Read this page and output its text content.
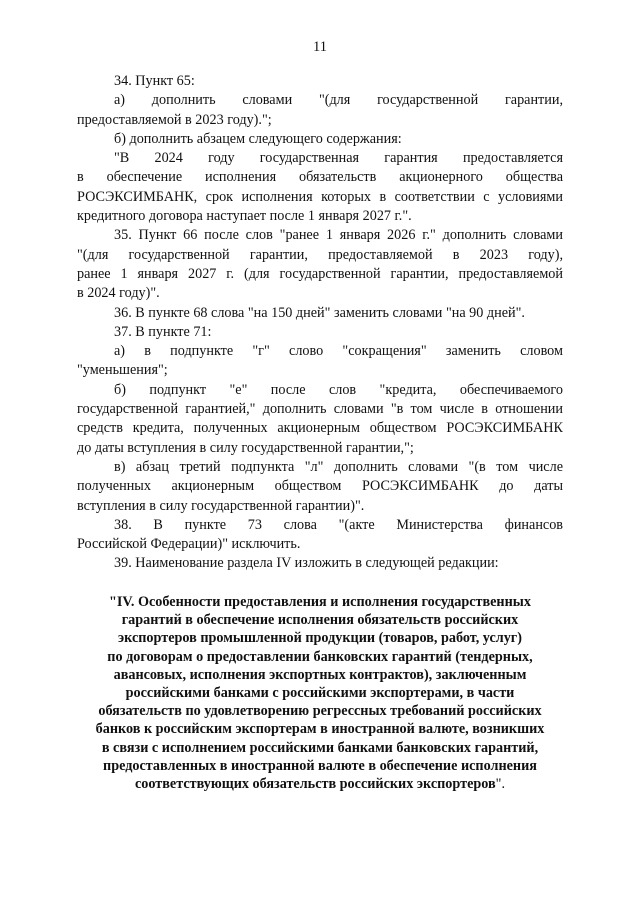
11
34. Пункт 65:
а) дополнить словами "(для государственной гарантии,
предоставляемой в 2023 году).";
б) дополнить абзацем следующего содержания:
"В 2024 году государственная гарантия предоставляется
в обеспечение исполнения обязательств акционерного общества
РОСЭКСИМБАНК, срок исполнения которых в соответствии с условиями
кредитного договора наступает после 1 января 2027 г.".
35. Пункт 66 после слов "ранее 1 января 2026 г." дополнить словами
"(для государственной гарантии, предоставляемой в 2023 году),
ранее 1 января 2027 г. (для государственной гарантии, предоставляемой
в 2024 году)".
36. В пункте 68 слова "на 150 дней" заменить словами "на 90 дней".
37. В пункте 71:
а) в подпункте "г" слово "сокращения" заменить словом
"уменьшения";
б) подпункт "е" после слов "кредита, обеспечиваемого
государственной гарантией," дополнить словами "в том числе в отношении
средств кредита, полученных акционерным обществом РОСЭКСИМБАНК
до даты вступления в силу государственной гарантии,";
в) абзац третий подпункта "л" дополнить словами "(в том числе
полученных акционерным обществом РОСЭКСИМБАНК до даты
вступления в силу государственной гарантии)".
38. В пункте 73 слова "(акте Министерства финансов
Российской Федерации)" исключить.
39. Наименование раздела IV изложить в следующей редакции:
"IV. Особенности предоставления и исполнения государственных
гарантий в обеспечение исполнения обязательств российских
экспортеров промышленной продукции (товаров, работ, услуг)
по договорам о предоставлении банковских гарантий (тендерных,
авансовых, исполнения экспортных контрактов), заключенным
российскими банками с российскими экспортерами, в части
обязательств по удовлетворению регрессных требований российских
банков к российским экспортерам в иностранной валюте, возникших
в связи с исполнением российскими банками банковских гарантий,
предоставленных в иностранной валюте в обеспечение исполнения
соответствующих обязательств российских экспортеров".
